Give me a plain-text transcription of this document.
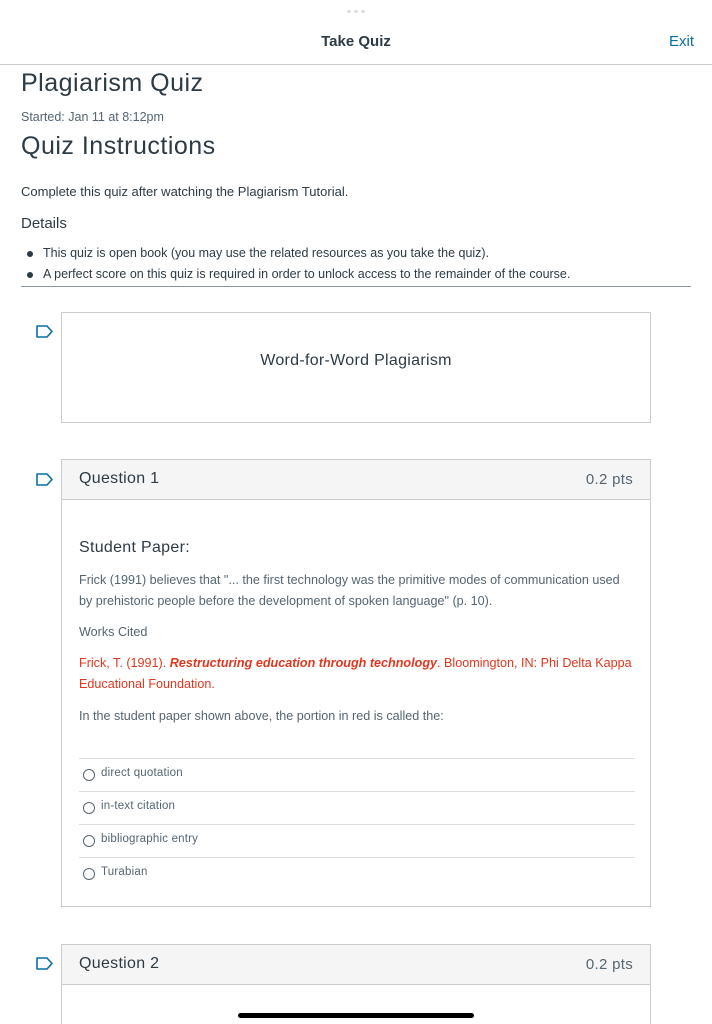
Take Quiz	Exit
Plagiarism Quiz
Started: Jan 11 at 8:12pm
Quiz Instructions
Complete this quiz after watching the Plagiarism Tutorial.
Details
This quiz is open book (you may use the related resources as you take the quiz).
A perfect score on this quiz is required in order to unlock access to the remainder of the course.
Word-for-Word Plagiarism
Question 1	0.2 pts
Student Paper:
Frick (1991) believes that "... the first technology was the primitive modes of communication used by prehistoric people before the development of spoken language" (p. 10).
Works Cited
Frick, T. (1991). Restructuring education through technology. Bloomington, IN: Phi Delta Kappa Educational Foundation.
In the student paper shown above, the portion in red is called the:
direct quotation
in-text citation
bibliographic entry
Turabian
Question 2	0.2 pts
